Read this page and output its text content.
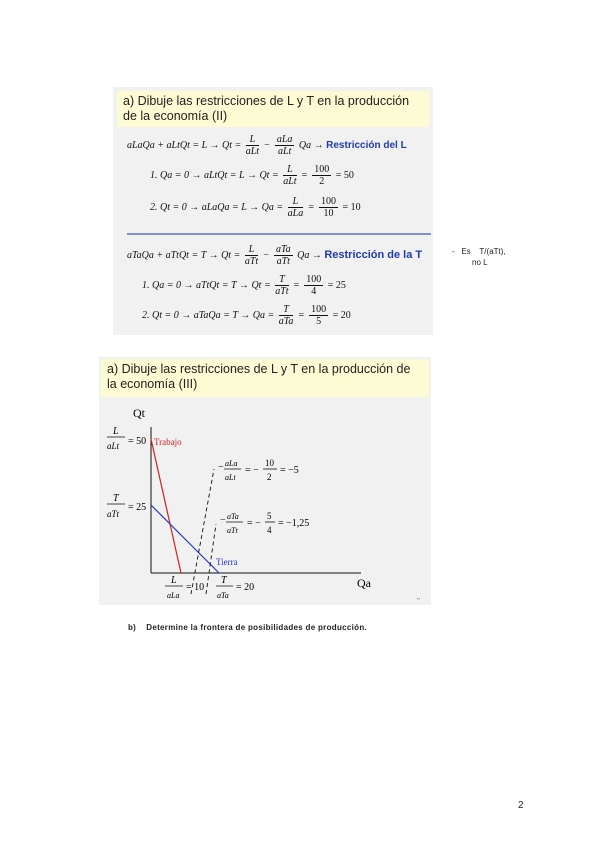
a) Dibuje las restricciones de L y T en la producción de la economía (II)
aLaQa + aLtQt = $L \to Qt = \frac{L}{\text{aLt}} - \frac{\text{aLa}}{\text{aLt}}$ Qa → Restricción del L
1. Qa = 0 → aLtQt = $L \to Qt = \frac{L}{\text{aLt}} = \frac{100}{2} = 50$
2. Qt = 0 → aLaQa = $L \to Qa = \frac{L}{\text{aLa}} = \frac{100}{10} = 10$
aTaQa + aTtQt = $T \to Qt = \frac{L}{\text{aTt}} - \frac{\text{aTa}}{\text{aTt}}$ Qa → Restricción de la T
1. Qa = 0 → aTtQt = $T \to Qt = \frac{T}{\text{aTt}} = \frac{100}{4} = 25$
2. Qt = 0 → aTaQa = $T \to Qa = \frac{T}{\text{aTa}} = \frac{100}{5} = 20$
-   Es    T/(aTt),
no L
a) Dibuje las restricciones de L y T en la producción de la economía (III)
Qt
Qa
L
aLt = 50
T
aTt
= 25
Trabajo
Tierra
− aLa
aLt
= −
10
2
= −5
− aTa
aTt
= −
5
4
= −1,25
L
aLa
= 10
T
aTa
= 20
"
b)    Determine la frontera de posibilidades de producción.
2
